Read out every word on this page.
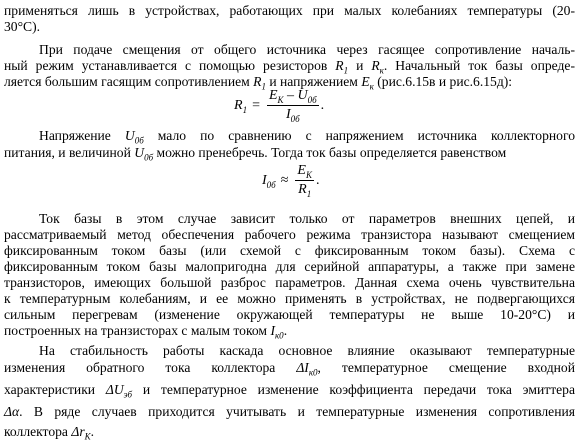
применяться лишь в устройствах, работающих при малых колебаниях температуры (20-
30°С).
При подаче смещения от общего источника через гасящее сопротивление началь-
ный режим устанавливается с помощью резисторов $R_1$ и $R_к$. Начальный ток базы опреде-
ляется большим гасящим сопротивлением $R_1$ и напряжением $E_к$ (рис.6.15в и рис.6.15д):
$R_1 = \frac{E_К - U_{0б}}{I_{0б}}$ .
Напряжение $U_{0б}$ мало по сравнению с напряжением источника коллекторного
питания, и величиной $U_{0б}$ можно пренебречь. Тогда ток базы определяется равенством
$I_{0б} \approx \frac{E_К}{R_1}$ .
Ток базы в этом случае зависит только от параметров внешних цепей, и
рассматриваемый метод обеспечения рабочего режима транзистора называют смещением
фиксированным током базы (или схемой с фиксированным током базы). Схема с
фиксированным током базы малопригодна для серийной аппаратуры, а также при замене
транзисторов, имеющих большой разброс параметров. Данная схема очень чувствительна
к температурным колебаниям, и ее можно применять в устройствах, не подвергающихся
сильным перегревам (изменение окружающей температуры не выше 10-20°С) и
построенных на транзисторах с малым током $I_{к0}$.
На стабильность работы каскада основное влияние оказывают температурные
изменения обратного тока коллектора $\Delta I_{к0}$, температурное смещение входной
характеристики $\Delta U_{эб}$ и температурное изменение коэффициента передачи тока эмиттера
Δα. В ряде случаев приходится учитывать и температурные изменения сопротивления
коллектора $\Delta r_К$.
